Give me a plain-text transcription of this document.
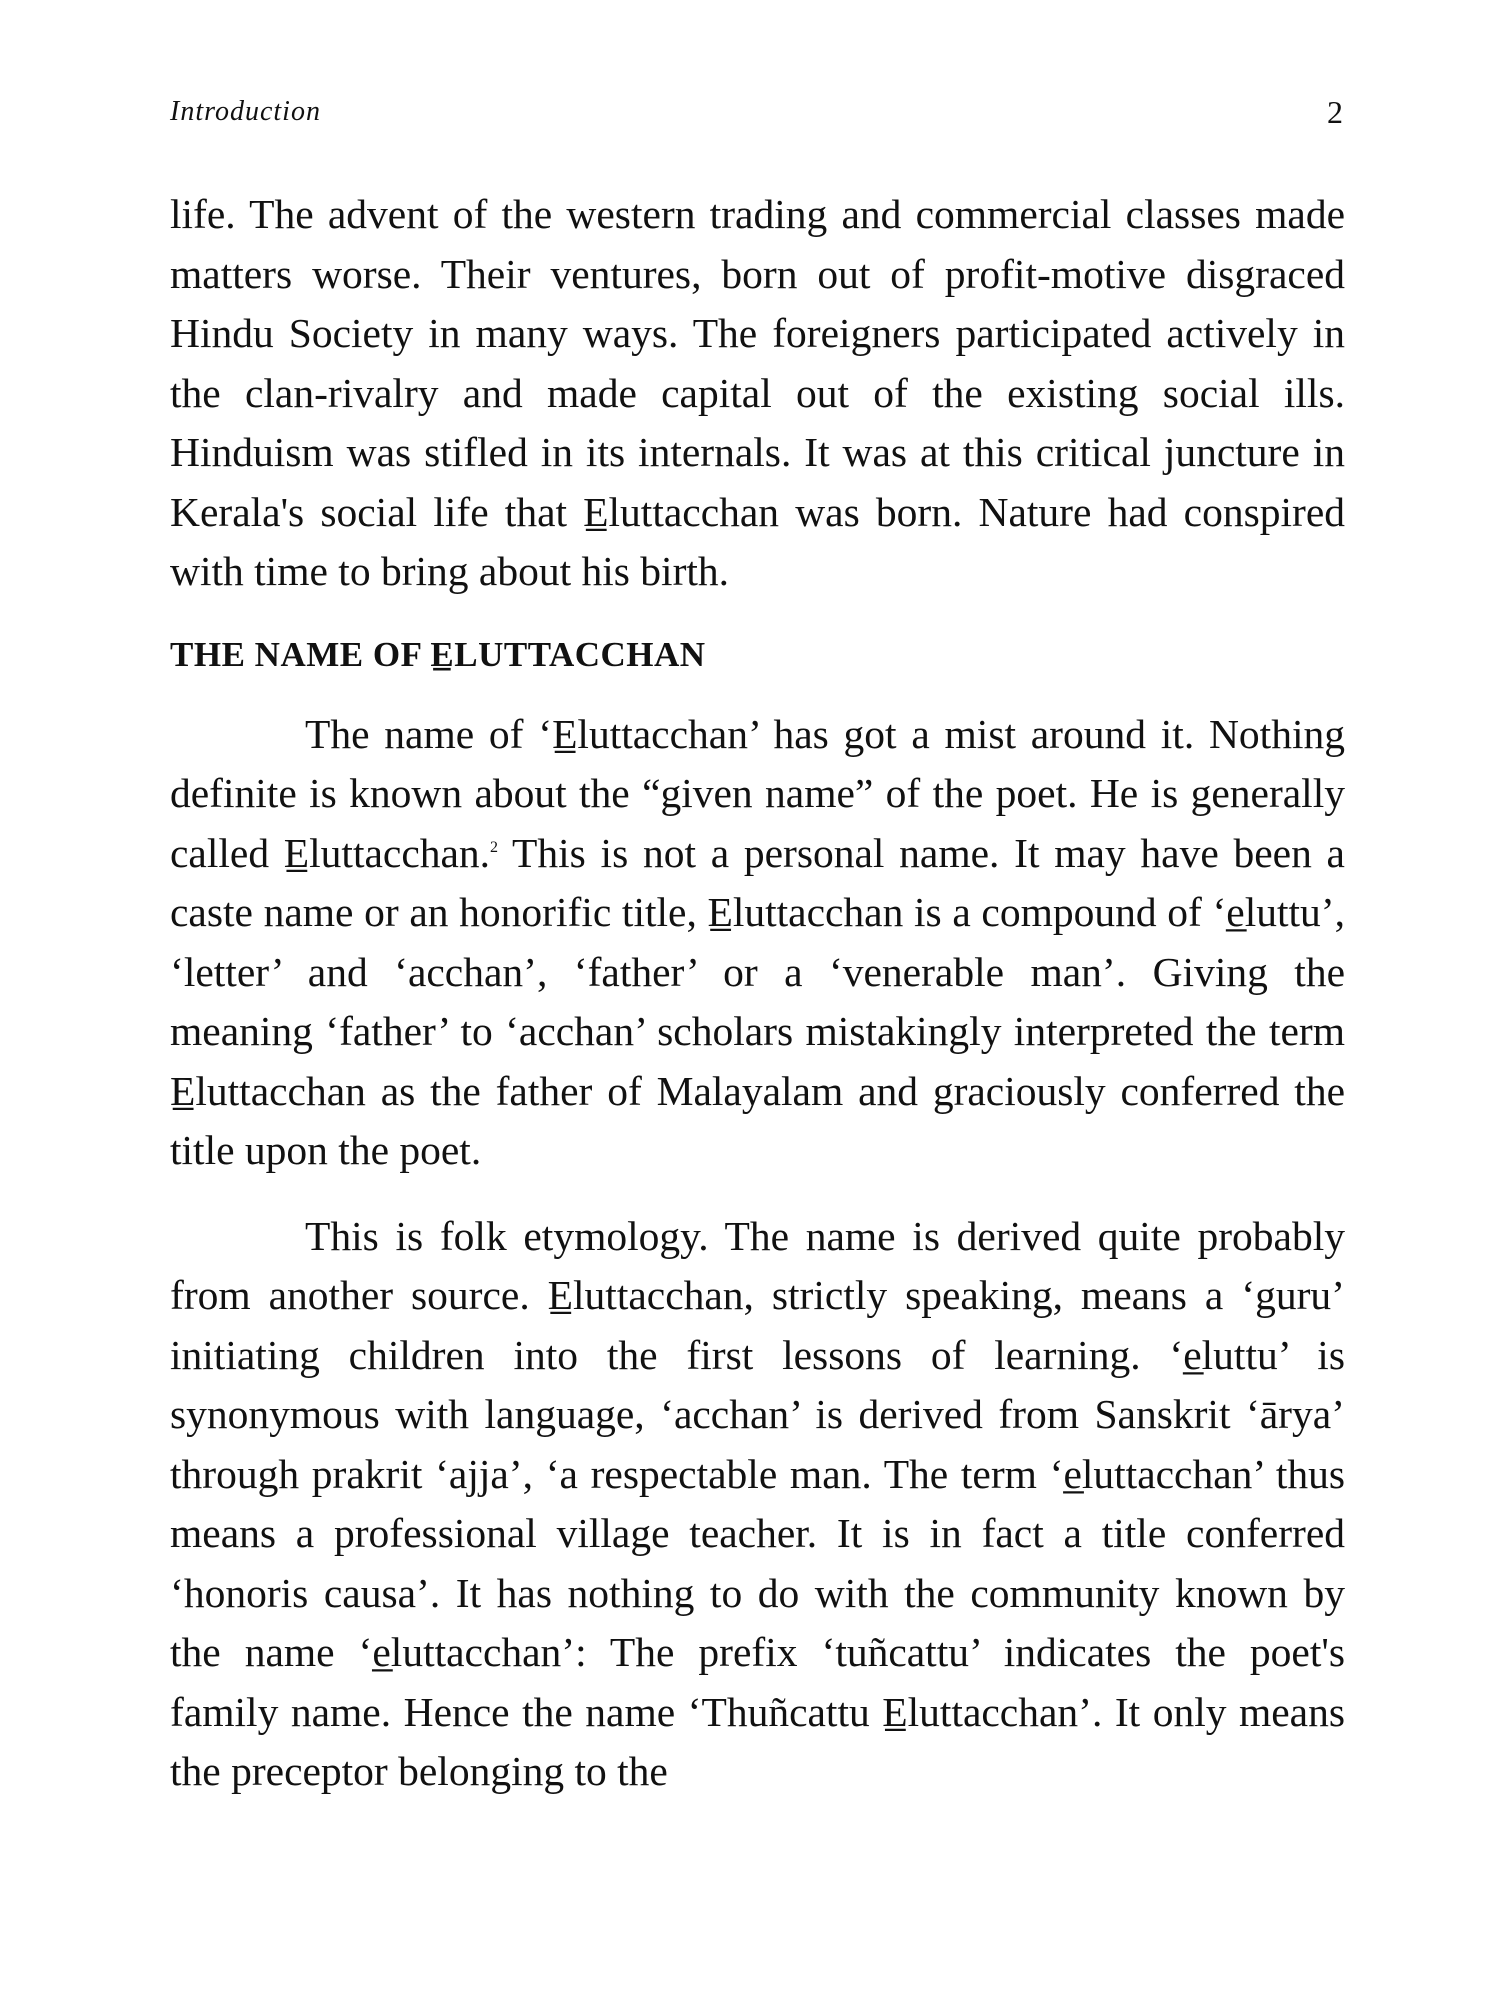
Introduction	2

life. The advent of the western trading and commercial classes made matters worse. Their ventures, born out of profit-motive disgraced Hindu Society in many ways. The foreigners participated actively in the clan-rivalry and made capital out of the existing social ills. Hinduism was stifled in its internals. It was at this critical juncture in Kerala's social life that E̲luttacchan was born. Nature had conspired with time to bring about his birth.

THE NAME OF E̲LUTTACCHAN

The name of ‘E̲luttacchan’ has got a mist around it. Nothing definite is known about the “given name” of the poet. He is generally called E̲luttacchan.$^2$ This is not a personal name. It may have been a caste name or an honorific title, E̲luttacchan is a compound of ‘e̲luttu’, ‘letter’ and ‘acchan’, ‘father’ or a ‘venerable man’. Giving the meaning ‘father’ to ‘acchan’ scholars mistakingly interpreted the term E̲luttacchan as the father of Malayalam and graciously conferred the title upon the poet.

This is folk etymology. The name is derived quite probably from another source. E̲luttacchan, strictly speaking, means a ‘guru’ initiating children into the first lessons of learning. ‘e̲luttu’ is synonymous with language, ‘acchan’ is derived from Sanskrit ‘ārya’ through prakrit ‘ajja’, ‘a respectable man. The term ‘e̲luttacchan’ thus means a professional village teacher. It is in fact a title conferred ‘honoris causa’. It has nothing to do with the community known by the name ‘e̲luttacchan’: The prefix ‘tuñcattu’ indicates the poet's family name. Hence the name ‘Thuñcattu E̲luttacchan’. It only means the preceptor belonging to the
